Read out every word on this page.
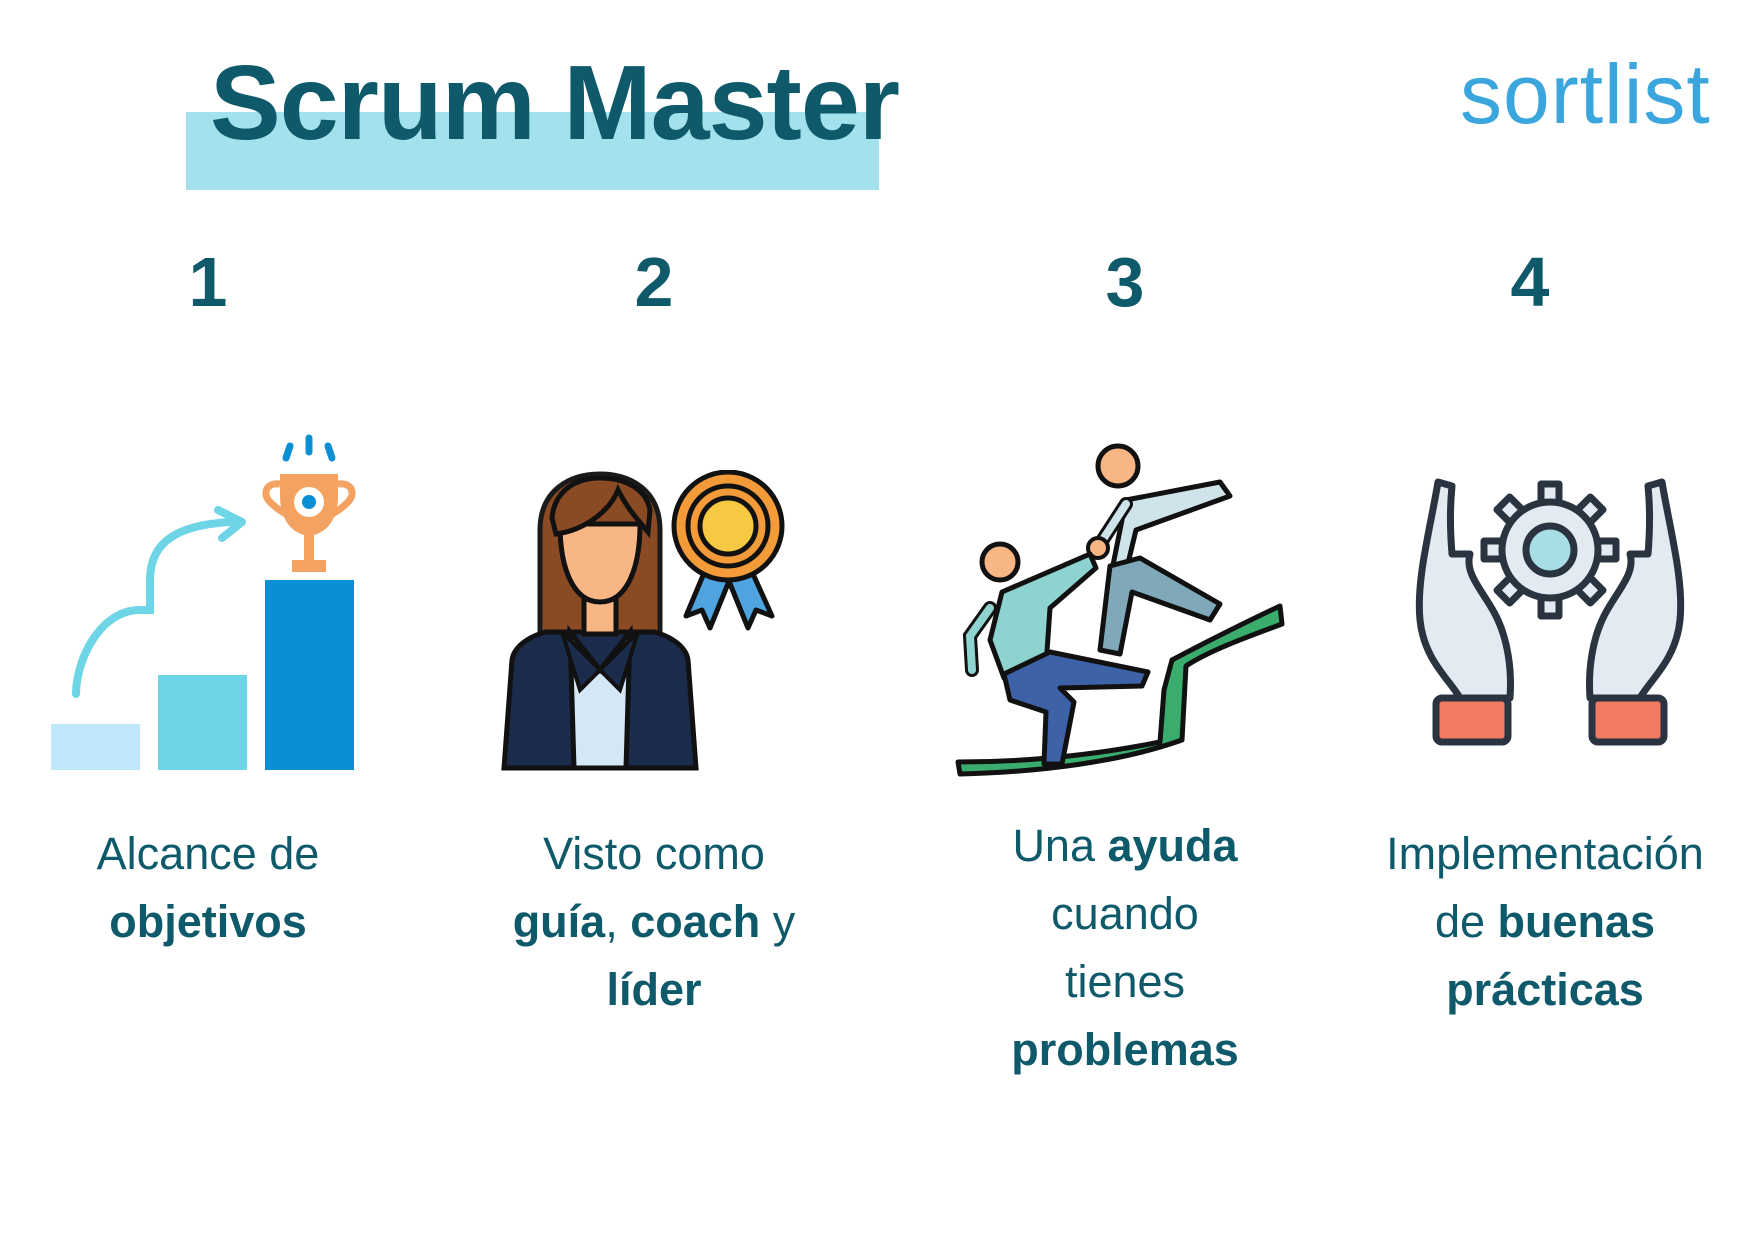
Scrum Master	sortlist
1	2	3	4
Alcance de
objetivos
Visto como
guía, coach y
líder
Una ayuda
cuando
tienes
problemas
Implementación
de buenas
prácticas
